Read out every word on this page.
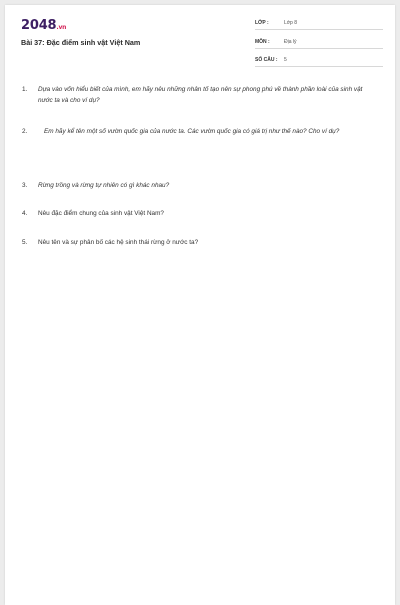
2048.vn
Bài 37: Đặc điểm sinh vật Việt Nam
LỚP :	Lớp 8
MÔN :	Địa lý
SỐ CÂU : 5
1. Dựa vào vốn hiểu biết của mình, em hãy nêu những nhân tố tạo nên sự phong phú về thành phần loài của sinh vật nước ta và cho ví dụ?
2.	Em hãy kể tên một số vườn quốc gia của nước ta. Các vườn quốc gia có giá trị như thế nào? Cho ví dụ?
3. Rừng trồng và rừng tự nhiên có gì khác nhau?
4. Nêu đặc điểm chung của sinh vật Việt Nam?
5. Nêu tên và sự phân bố các hệ sinh thái rừng ở nước ta?
